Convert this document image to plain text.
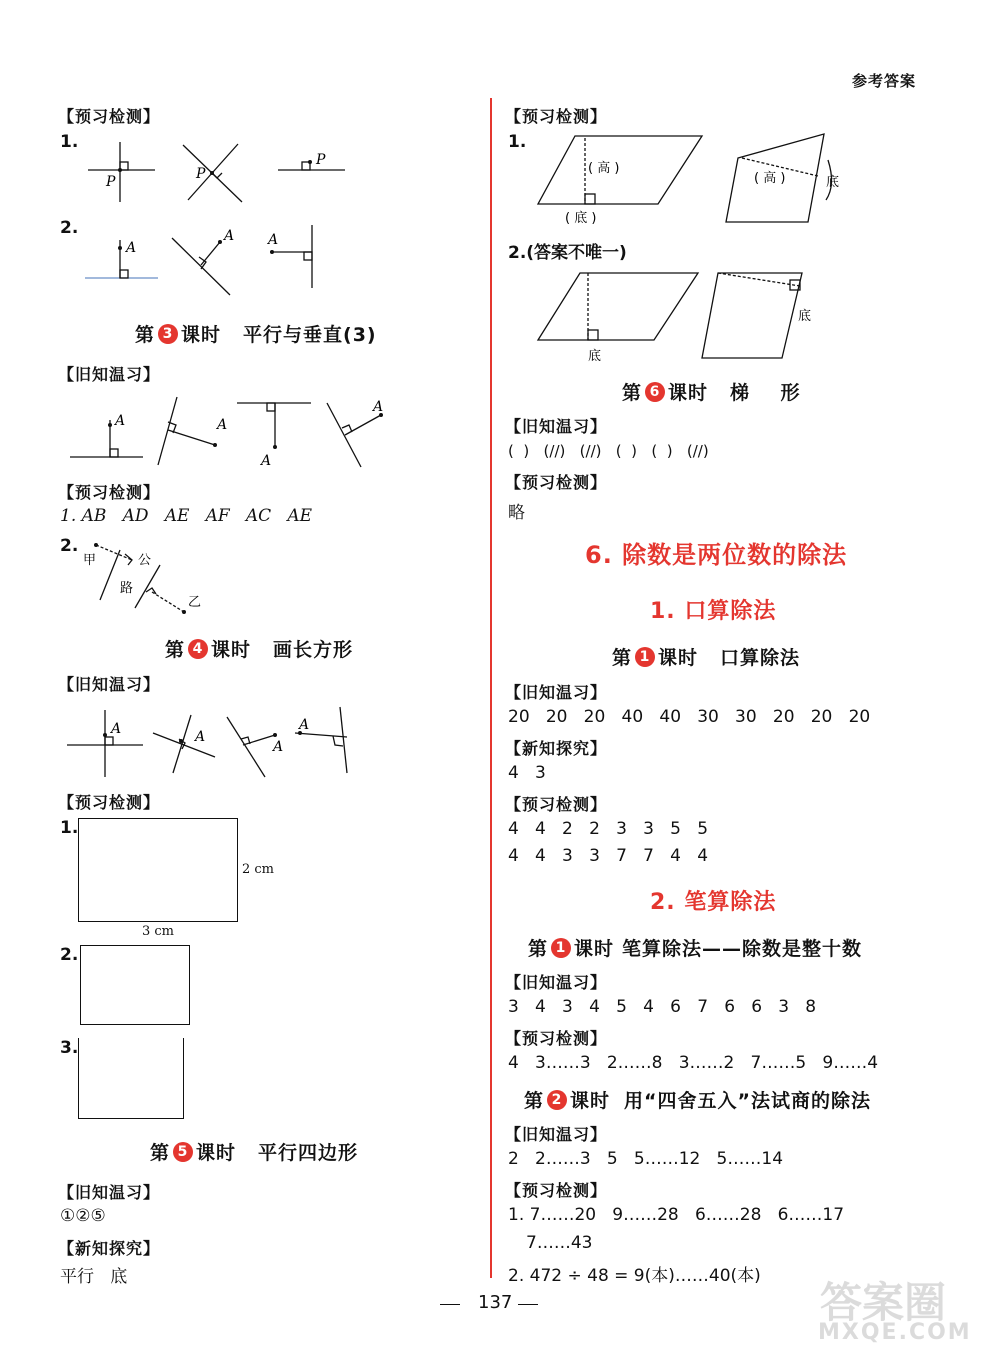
参考答案
【预习检测】
1.
P	P
P
2.
A
A A
第 3 课时 平行与垂直(3)
【旧知温习】
A	A
A
A
【预习检测】
1. AB   AD   AE   AF   AC   AE
2.
甲	公
路
乙
第 4 课时 画长方形
【旧知温习】
A	A
A
A
【预习检测】
1.
2 cm
3 cm
2.
3.
第 5 课时 平行四边形
【旧知温习】
①②⑤
【新知探究】
平行   底
【预习检测】
1.
( 高 )
( 底 )
( 高 )	底
2.(答案不唯一)
底
底
第 6 课时 梯    形
【旧知温习】
(  )   (//)   (//)   (  )   (  )   (//)
【预习检测】
略
6. 除数是两位数的除法
1. 口算除法
第 1 课时 口算除法
【旧知温习】
20   20   20   40   40   30   30   20   20   20
【新知探究】
4   3
【预习检测】
4   4   2   2   3   3   5   5
4   4   3   3   7   7   4   4
2. 笔算除法
第 1 课时 笔算除法——除数是整十数
【旧知温习】
3   4   3   4   5   4   6   7   6   6   3   8
【预习检测】
4   3……3   2……8   3……2   7……5   9……4
第 2 课时 用“四舍五入”法试商的除法
【旧知温习】
2   2……3   5   5……12   5……14
【预习检测】
1. 7……20   9……28   6……28   6……17
7……43
2. 472 ÷ 48 = 9(本)……40(本)
137	答案圈
MXQE.COM
